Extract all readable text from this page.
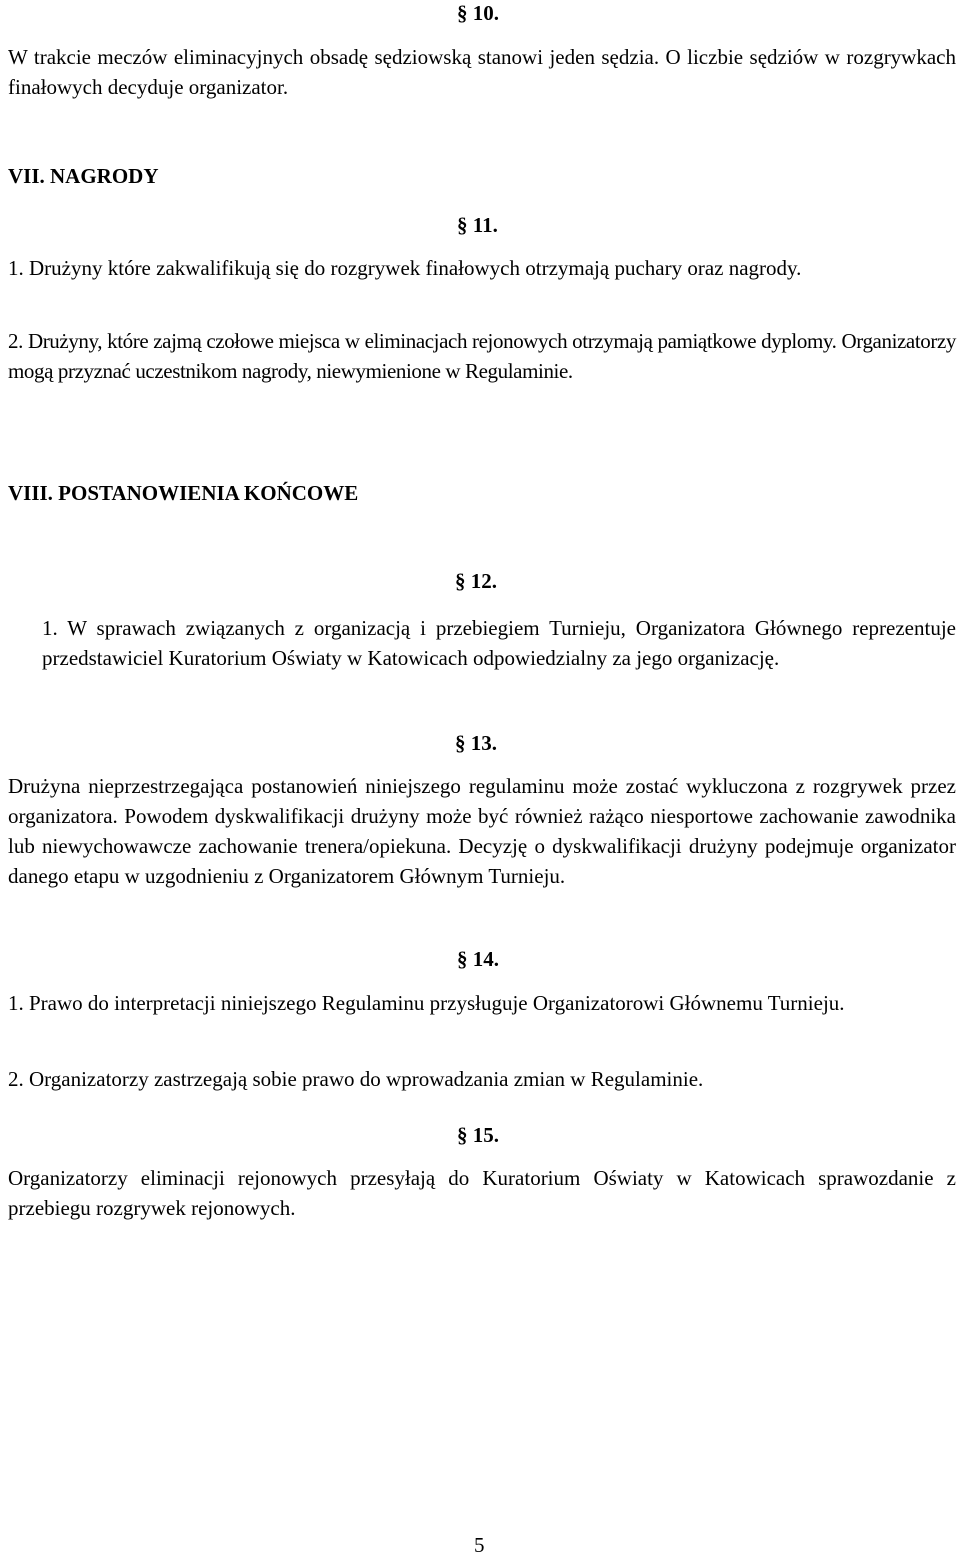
§ 10.

W trakcie meczów eliminacyjnych obsadę sędziowską stanowi jeden sędzia. O liczbie sędziów w rozgrywkach finałowych decyduje organizator.

VII. NAGRODY
§ 11.

1. Drużyny które zakwalifikują się do rozgrywek finałowych otrzymają puchary oraz nagrody.

2. Drużyny, które zajmą czołowe miejsca w eliminacjach rejonowych otrzymają pamiątkowe dyplomy. Organizatorzy mogą przyznać uczestnikom nagrody, niewymienione w Regulaminie.

VIII. POSTANOWIENIA KOŃCOWE
§ 12.

1. W sprawach związanych z organizacją i przebiegiem Turnieju, Organizatora Głównego reprezentuje przedstawiciel Kuratorium Oświaty w Katowicach odpowiedzialny za jego organizację.

§ 13.

Drużyna nieprzestrzegająca postanowień niniejszego regulaminu może zostać wykluczona z rozgrywek przez organizatora. Powodem dyskwalifikacji drużyny może być również rażąco niesportowe zachowanie zawodnika lub niewychowawcze zachowanie trenera/opiekuna. Decyzję o dyskwalifikacji drużyny podejmuje organizator danego etapu w uzgodnieniu z Organizatorem Głównym Turnieju.

§ 14.

1. Prawo do interpretacji niniejszego Regulaminu przysługuje Organizatorowi Głównemu Turnieju.

2. Organizatorzy zastrzegają sobie prawo do wprowadzania zmian w Regulaminie.

§ 15.

Organizatorzy eliminacji rejonowych przesyłają do Kuratorium Oświaty w Katowicach sprawozdanie z przebiegu rozgrywek rejonowych.

5
